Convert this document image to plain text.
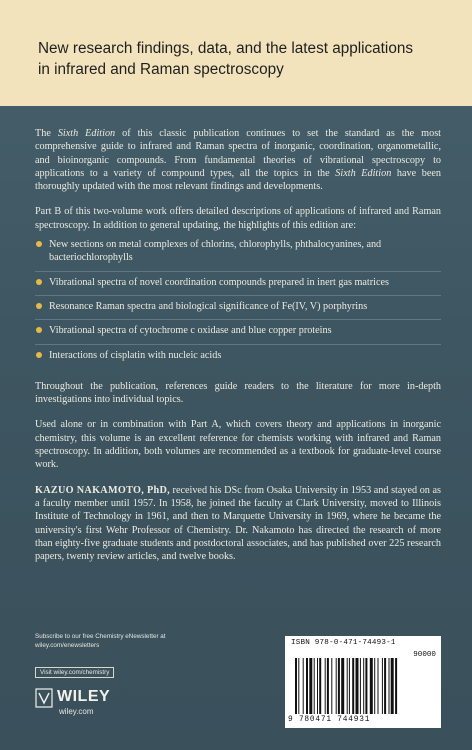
New research findings, data, and the latest applications
in infrared and Raman spectroscopy

The Sixth Edition of this classic publication continues to set the standard as the most comprehensive guide to infrared and Raman spectra of inorganic, coordination, organometallic, and bioinorganic compounds. From fundamental theories of vibrational spectroscopy to applications to a variety of compound types, all the topics in the Sixth Edition have been thoroughly updated with the most relevant findings and developments.

Part B of this two-volume work offers detailed descriptions of applications of infrared and Raman spectroscopy. In addition to general updating, the highlights of this edition are:

New sections on metal complexes of chlorins, chlorophylls, phthalocyanines, and bacteriochlorophylls
Vibrational spectra of novel coordination compounds prepared in inert gas matrices
Resonance Raman spectra and biological significance of Fe(IV, V) porphyrins
Vibrational spectra of cytochrome c oxidase and blue copper proteins
Interactions of cisplatin with nucleic acids

Throughout the publication, references guide readers to the literature for more in-depth investigations into individual topics.

Used alone or in combination with Part A, which covers theory and applications in inorganic chemistry, this volume is an excellent reference for chemists working with infrared and Raman spectroscopy. In addition, both volumes are recommended as a textbook for graduate-level course work.

KAZUO NAKAMOTO, PhD, received his DSc from Osaka University in 1953 and stayed on as a faculty member until 1957. In 1958, he joined the faculty at Clark University, moved to Illinois Institute of Technology in 1961, and then to Marquette University in 1969, where he became the university's first Wehr Professor of Chemistry. Dr. Nakamoto has directed the research of more than eighty-five graduate students and postdoctoral associates, and has published over 225 research papers, twenty review articles, and twelve books.

Subscribe to our free Chemistry eNewsletter at
wiley.com/enewsletters
Visit wiley.com/chemistry
WILEY
wiley.com
ISBN 978-0-471-74493-1
90000
9 780471 744931
